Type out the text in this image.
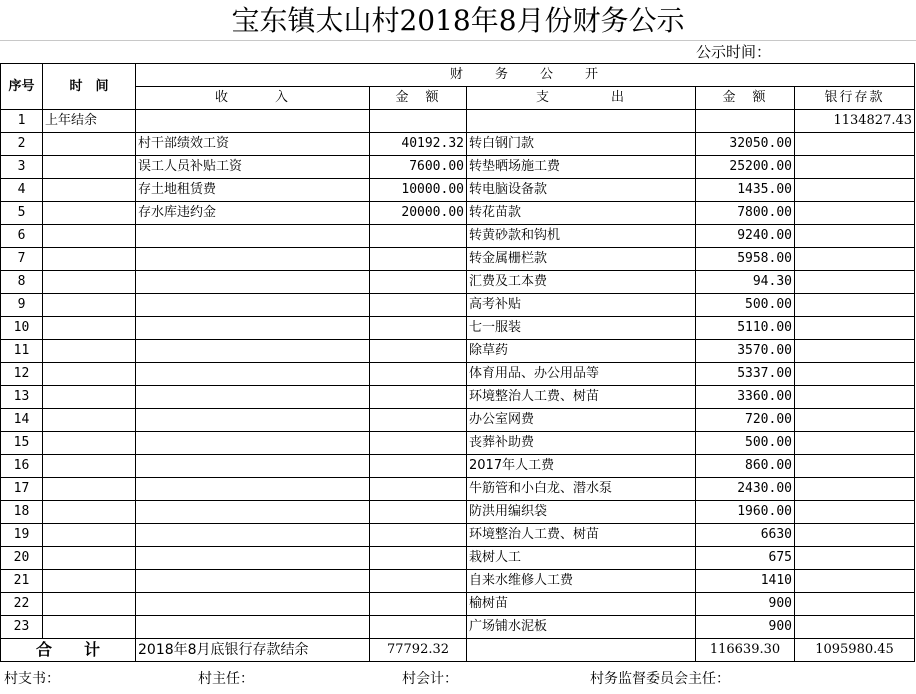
宝东镇太山村2018年8月份财务公示
公示时间：
序号	时　间	财　　务　　公　　开				
		收　　　入	金　额	支　　　　出	金　额	银行存款
1	上年结余					1134827.43
2		村干部绩效工资	40192.32	转白钢门款	32050.00	
3		误工人员补贴工资	7600.00	转垫晒场施工费	25200.00	
4		存土地租赁费	10000.00	转电脑设备款	1435.00	
5		存水库违约金	20000.00	转花苗款	7800.00	
6				转黄砂款和钩机	9240.00	
7				转金属栅栏款	5958.00	
8				汇费及工本费	94.30	
9				高考补贴	500.00	
10				七一服装	5110.00	
11				除草药	3570.00	
12				体育用品、办公用品等	5337.00	
13				环境整治人工费、树苗	3360.00	
14				办公室网费	720.00	
15				丧葬补助费	500.00	
16				2017年人工费	860.00	
17				牛筋管和小白龙、潜水泵	2430.00	
18				防洪用编织袋	1960.00	
19				环境整治人工费、树苗	6630	
20				栽树人工	675	
21				自来水维修人工费	1410	
22				榆树苗	900	
23				广场铺水泥板	900	
合　　计		2018年8月底银行存款结余	77792.32		116639.30	1095980.45
村支书：	村主任：	村会计：	村务监督委员会主任：
